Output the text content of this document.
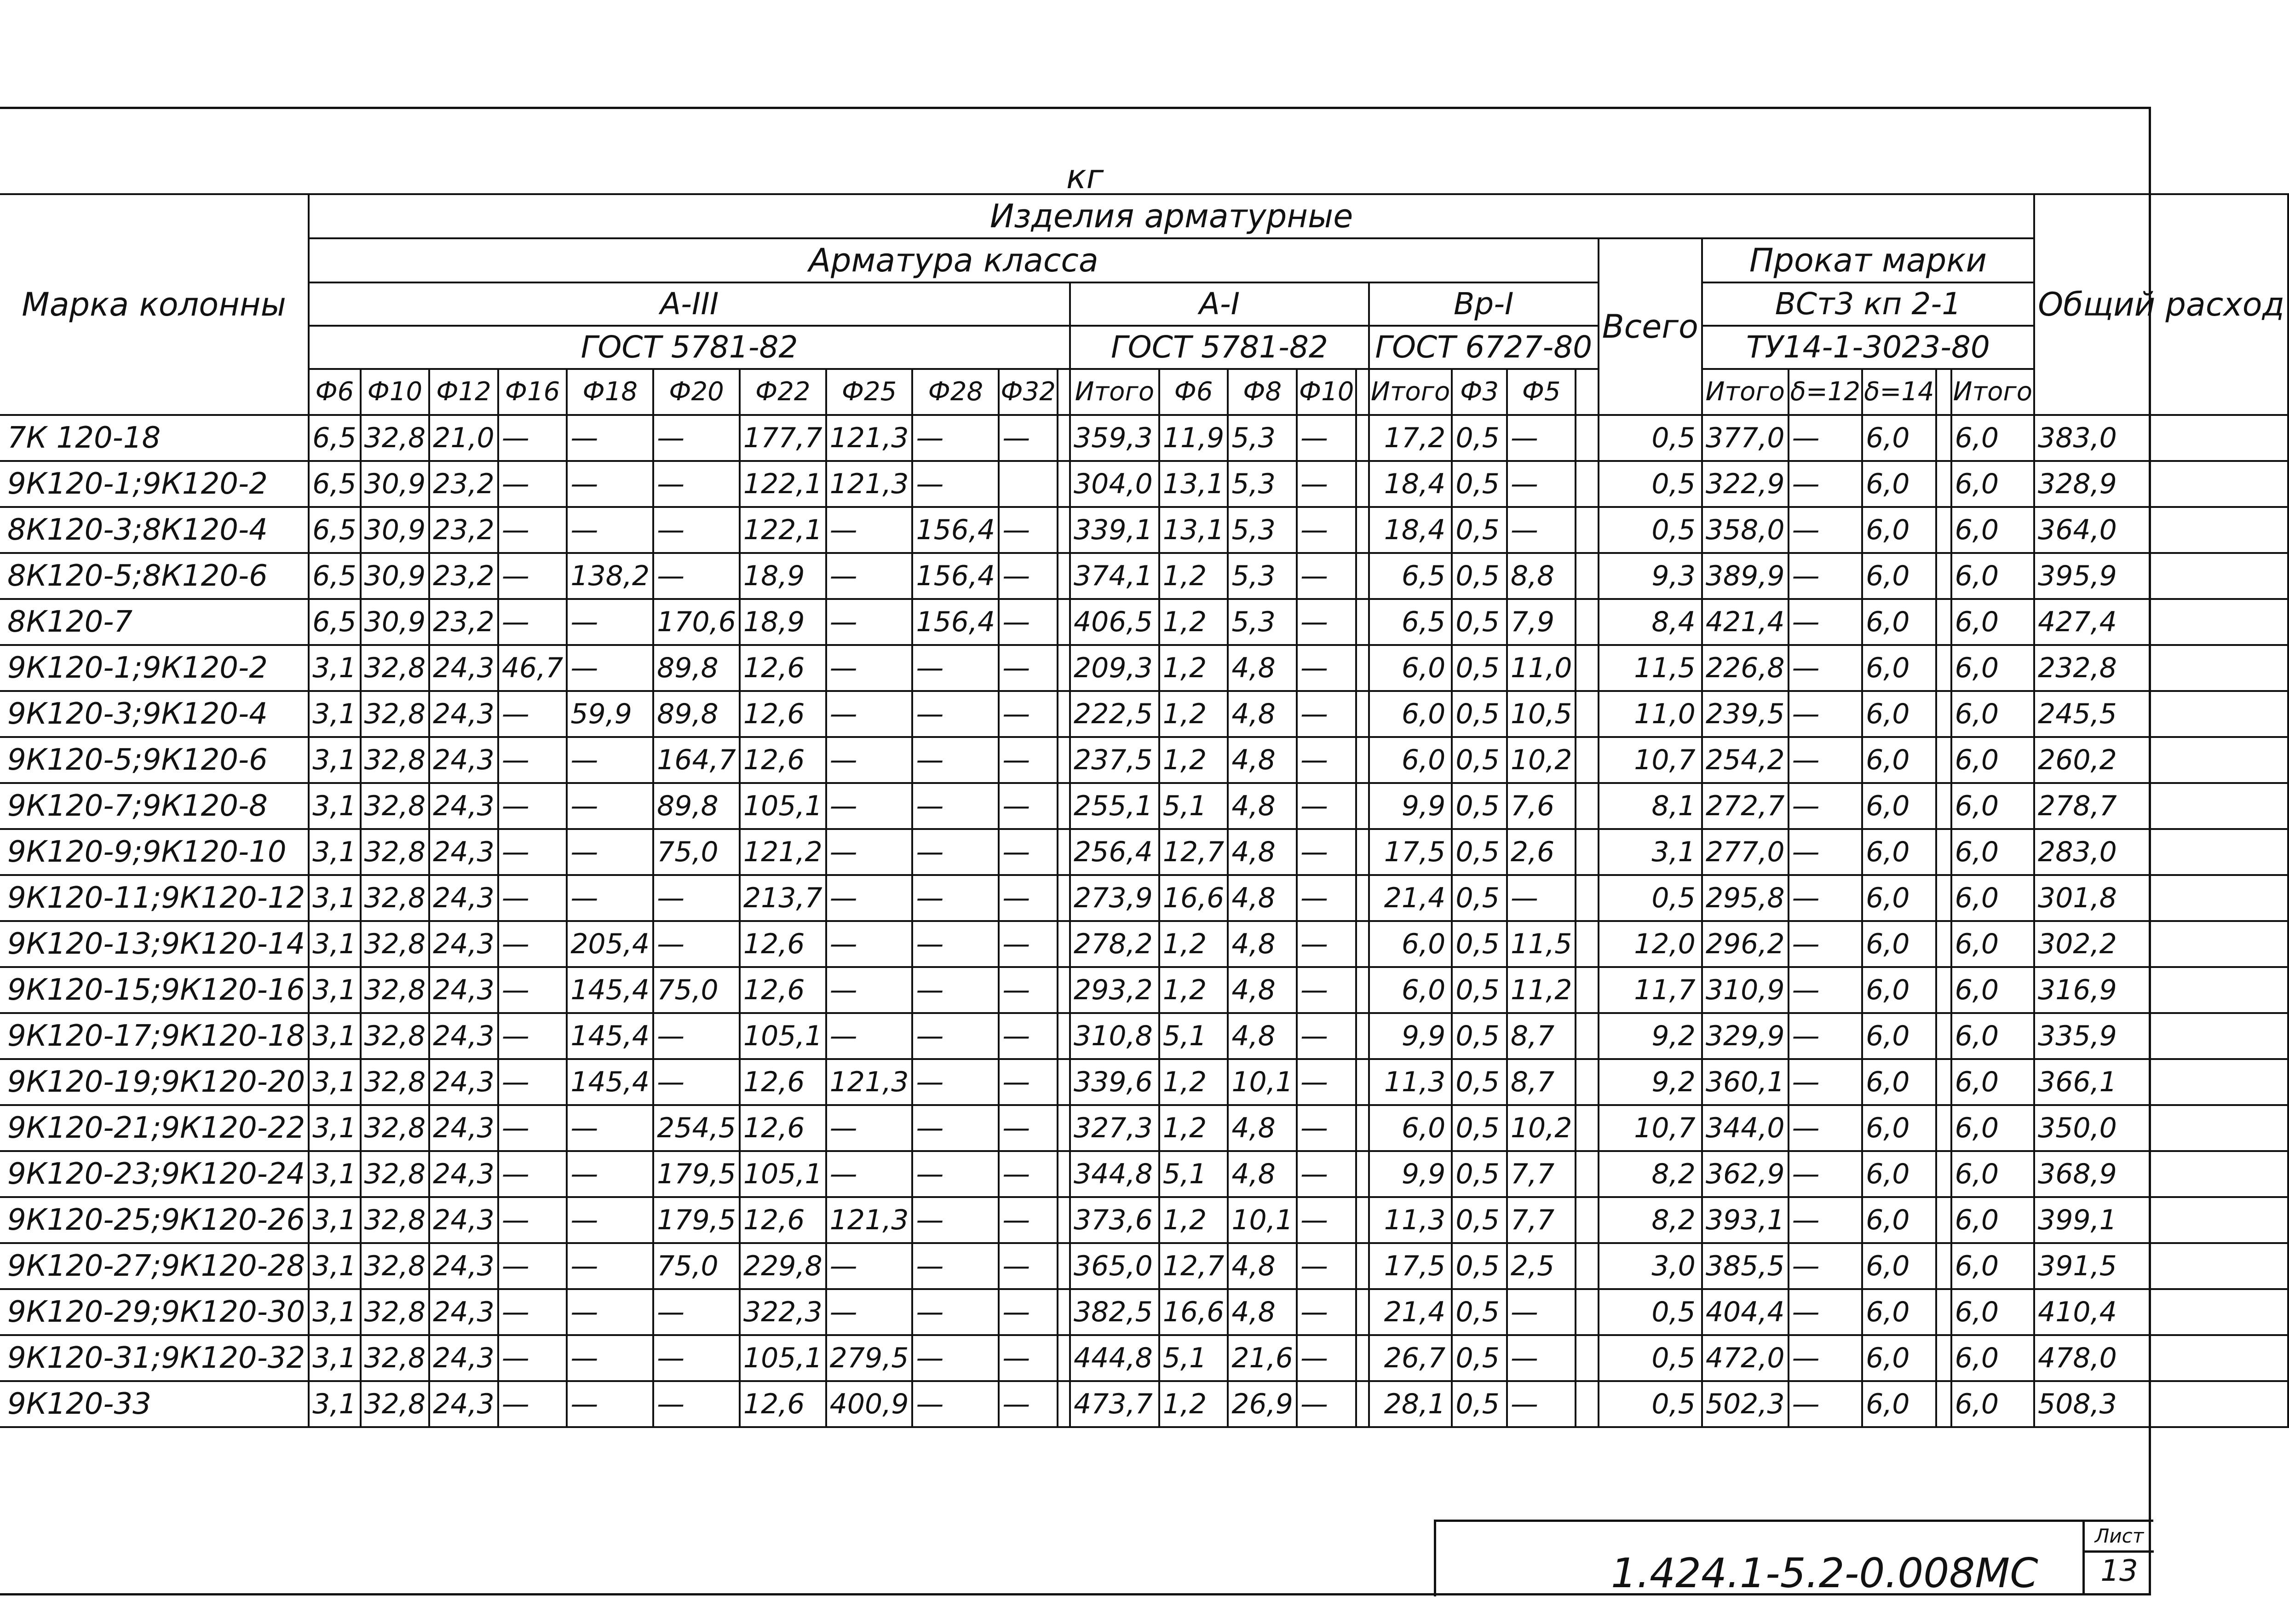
кг
Марка колонны	Изделия арматурные																										Общий расход
	Арматура класса																				Всего	Прокат марки					
	А-III											А-I					Вр-I					ВСт3 кп 2-1					
	ГОСТ 5781-82											ГОСТ 5781-82					ГОСТ 6727-80					ТУ14-1-3023-80					
	Ф6	Ф10	Ф12	Ф16	Ф18	Ф20	Ф22	Ф25	Ф28	Ф32		Итого	Ф6	Ф8	Ф10		Итого	Ф3	Ф5			Итого	δ=12	δ=14		Итого	
7К 120-18	6,5	32,8	21,0	—	—	—	177,7	121,3	—	—		359,3	11,9	5,3	—		17,2	0,5	—		0,5	377,0	—	6,0		6,0	383,0
9К120-1;9К120-2	6,5	30,9	23,2	—	—	—	122,1	121,3	—			304,0	13,1	5,3	—		18,4	0,5	—		0,5	322,9	—	6,0		6,0	328,9
8К120-3;8К120-4	6,5	30,9	23,2	—	—	—	122,1	—	156,4	—		339,1	13,1	5,3	—		18,4	0,5	—		0,5	358,0	—	6,0		6,0	364,0
8К120-5;8К120-6	6,5	30,9	23,2	—	138,2	—	18,9	—	156,4	—		374,1	1,2	5,3	—		6,5	0,5	8,8		9,3	389,9	—	6,0		6,0	395,9
8К120-7	6,5	30,9	23,2	—	—	170,6	18,9	—	156,4	—		406,5	1,2	5,3	—		6,5	0,5	7,9		8,4	421,4	—	6,0		6,0	427,4
9К120-1;9К120-2	3,1	32,8	24,3	46,7	—	89,8	12,6	—	—	—		209,3	1,2	4,8	—		6,0	0,5	11,0		11,5	226,8	—	6,0		6,0	232,8
9К120-3;9К120-4	3,1	32,8	24,3	—	59,9	89,8	12,6	—	—	—		222,5	1,2	4,8	—		6,0	0,5	10,5		11,0	239,5	—	6,0		6,0	245,5
9К120-5;9К120-6	3,1	32,8	24,3	—	—	164,7	12,6	—	—	—		237,5	1,2	4,8	—		6,0	0,5	10,2		10,7	254,2	—	6,0		6,0	260,2
9К120-7;9К120-8	3,1	32,8	24,3	—	—	89,8	105,1	—	—	—		255,1	5,1	4,8	—		9,9	0,5	7,6		8,1	272,7	—	6,0		6,0	278,7
9К120-9;9К120-10	3,1	32,8	24,3	—	—	75,0	121,2	—	—	—		256,4	12,7	4,8	—		17,5	0,5	2,6		3,1	277,0	—	6,0		6,0	283,0
9К120-11;9К120-12	3,1	32,8	24,3	—	—	—	213,7	—	—	—		273,9	16,6	4,8	—		21,4	0,5	—		0,5	295,8	—	6,0		6,0	301,8
9К120-13;9К120-14	3,1	32,8	24,3	—	205,4	—	12,6	—	—	—		278,2	1,2	4,8	—		6,0	0,5	11,5		12,0	296,2	—	6,0		6,0	302,2
9К120-15;9К120-16	3,1	32,8	24,3	—	145,4	75,0	12,6	—	—	—		293,2	1,2	4,8	—		6,0	0,5	11,2		11,7	310,9	—	6,0		6,0	316,9
9К120-17;9К120-18	3,1	32,8	24,3	—	145,4	—	105,1	—	—	—		310,8	5,1	4,8	—		9,9	0,5	8,7		9,2	329,9	—	6,0		6,0	335,9
9К120-19;9К120-20	3,1	32,8	24,3	—	145,4	—	12,6	121,3	—	—		339,6	1,2	10,1	—		11,3	0,5	8,7		9,2	360,1	—	6,0		6,0	366,1
9К120-21;9К120-22	3,1	32,8	24,3	—	—	254,5	12,6	—	—	—		327,3	1,2	4,8	—		6,0	0,5	10,2		10,7	344,0	—	6,0		6,0	350,0
9К120-23;9К120-24	3,1	32,8	24,3	—	—	179,5	105,1	—	—	—		344,8	5,1	4,8	—		9,9	0,5	7,7		8,2	362,9	—	6,0		6,0	368,9
9К120-25;9К120-26	3,1	32,8	24,3	—	—	179,5	12,6	121,3	—	—		373,6	1,2	10,1	—		11,3	0,5	7,7		8,2	393,1	—	6,0		6,0	399,1
9К120-27;9К120-28	3,1	32,8	24,3	—	—	75,0	229,8	—	—	—		365,0	12,7	4,8	—		17,5	0,5	2,5		3,0	385,5	—	6,0		6,0	391,5
9К120-29;9К120-30	3,1	32,8	24,3	—	—	—	322,3	—	—	—		382,5	16,6	4,8	—		21,4	0,5	—		0,5	404,4	—	6,0		6,0	410,4
9К120-31;9К120-32	3,1	32,8	24,3	—	—	—	105,1	279,5	—	—		444,8	5,1	21,6	—		26,7	0,5	—		0,5	472,0	—	6,0		6,0	478,0
9К120-33	3,1	32,8	24,3	—	—	—	12,6	400,9	—	—		473,7	1,2	26,9	—		28,1	0,5	—		0,5	502,3	—	6,0		6,0	508,3
1.424.1-5.2-0.008МС
Лист
13
